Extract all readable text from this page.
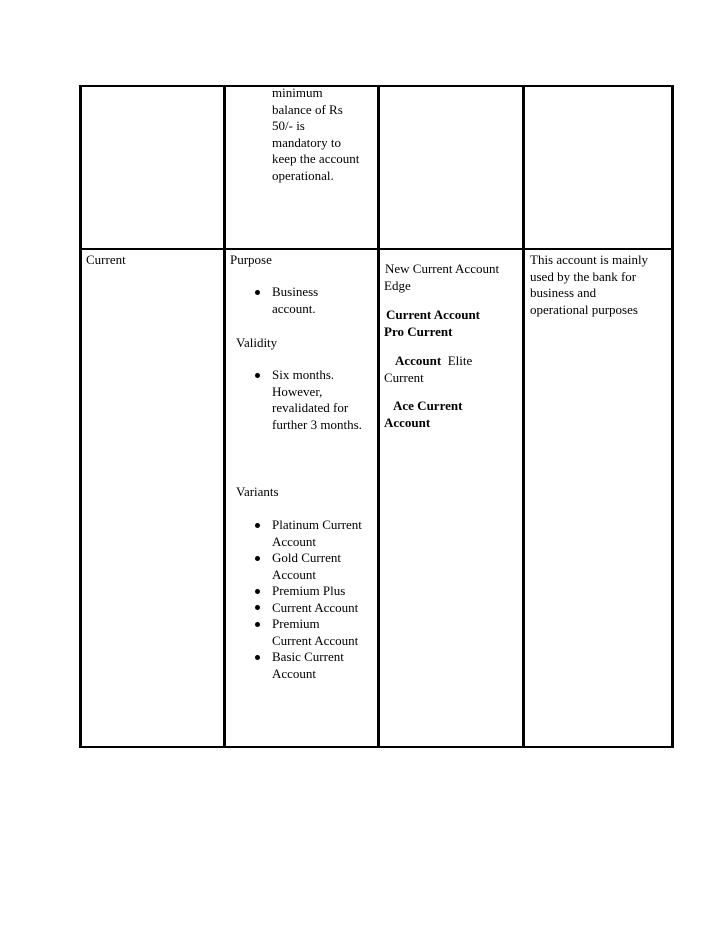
minimum
balance of Rs
50/- is
mandatory to
keep the account
operational.
Current	Purpose
Business
account.
Validity
Six months.
However,
revalidated for
further 3 months.
Variants
Platinum Current
Account
Gold Current
Account
Premium Plus
Current Account
Premium
Current Account
Basic Current
Account
New Current Account
Edge
Current Account
Pro Current
Account Elite
Current
Ace Current
Account
This account is mainly
used by the bank for
business and
operational purposes
